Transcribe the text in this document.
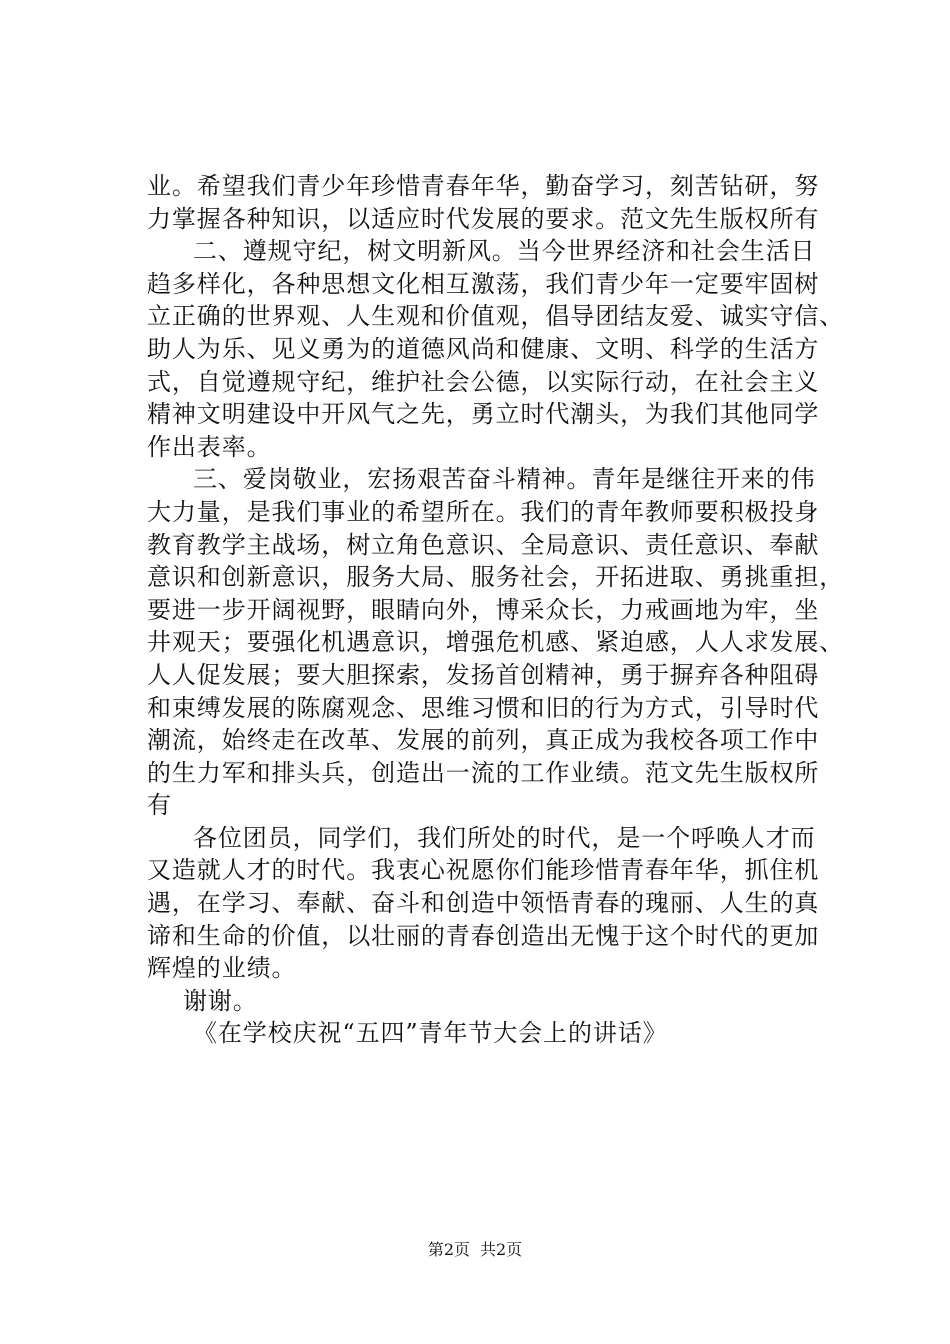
业。希望我们青少年珍惜青春年华，勤奋学习，刻苦钻研，努
力掌握各种知识，以适应时代发展的要求。范文先生版权所有
二、遵规守纪，树文明新风。当今世界经济和社会生活日
趋多样化，各种思想文化相互激荡，我们青少年一定要牢固树
立正确的世界观、人生观和价值观，倡导团结友爱、诚实守信、
助人为乐、见义勇为的道德风尚和健康、文明、科学的生活方
式，自觉遵规守纪，维护社会公德，以实际行动，在社会主义
精神文明建设中开风气之先，勇立时代潮头，为我们其他同学
作出表率。
三、爱岗敬业，宏扬艰苦奋斗精神。青年是继往开来的伟
大力量，是我们事业的希望所在。我们的青年教师要积极投身
教育教学主战场，树立角色意识、全局意识、责任意识、奉献
意识和创新意识，服务大局、服务社会，开拓进取、勇挑重担，
要进一步开阔视野，眼睛向外，博采众长，力戒画地为牢，坐
井观天；要强化机遇意识，增强危机感、紧迫感，人人求发展、
人人促发展；要大胆探索，发扬首创精神，勇于摒弃各种阻碍
和束缚发展的陈腐观念、思维习惯和旧的行为方式，引导时代
潮流，始终走在改革、发展的前列，真正成为我校各项工作中
的生力军和排头兵，创造出一流的工作业绩。范文先生版权所
有
各位团员，同学们，我们所处的时代，是一个呼唤人才而
又造就人才的时代。我衷心祝愿你们能珍惜青春年华，抓住机
遇，在学习、奉献、奋斗和创造中领悟青春的瑰丽、人生的真
谛和生命的价值，以壮丽的青春创造出无愧于这个时代的更加
辉煌的业绩。
谢谢。
《在学校庆祝“五四”青年节大会上的讲话》
第2页 共2页
